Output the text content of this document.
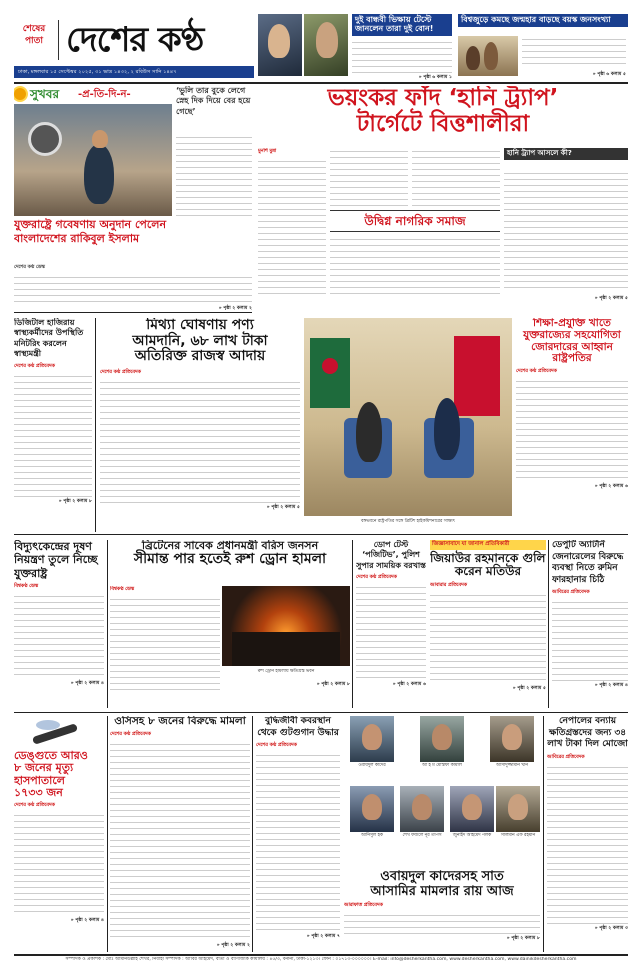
শেষের
পাতা দেশের কণ্ঠ
ঢাকা, মঙ্গলবার ১৫ সেপ্টেম্বর ২০২৫, ৩১ ভাদ্র ১৪৩২, ২ রবিউস সানি ১৪৪৭
দুই বান্ধবী ভিক্ষায় টেস্টে জানলেন তারা দুই বোন!
» পৃষ্ঠা ৬ কলাম ১
বিশ্বজুড়ে কমছে জন্মহার বাড়ছে বয়স্ক জনসংখ্যা
» পৃষ্ঠা ৬ কলাম ৫
সুখবর -প্র-তি-দি-ন-	‘ভুলি তার বুকে লেগে স্নেহ দিক দিয়ে বের হয়ে গেছে’
যুক্তরাষ্ট্রে গবেষণায় অনুদান পেলেন বাংলাদেশের রাকিবুল ইসলাম
দেশের কণ্ঠ ডেস্ক
» পৃষ্ঠা ২ কলাম ২
ভয়ংকর ফাঁদ ‘হানি ট্র্যাপ’
টার্গেটে বিত্তশালীরা
মুনশি মুন্না
উদ্বিগ্ন নাগরিক সমাজ
হানি ট্র্যাপ আসলে কী?
» পৃষ্ঠা ২ কলাম ৫
ডিজিটাল হাজিরায় স্বাস্থ্যকর্মীদের উপস্থিতি মনিটরিং করলেন স্বাস্থ্যমন্ত্রী
দেশের কণ্ঠ প্রতিবেদক
» পৃষ্ঠা ২ কলাম ৮
মিথ্যা ঘোষণায় পণ্য
আমদানি, ৬৮ লাখ টাকা
অতিরিক্ত রাজস্ব আদায়
দেশের কণ্ঠ প্রতিবেদক
» পৃষ্ঠা ২ কলাম ৫
বঙ্গভবনে রাষ্ট্রপতির সঙ্গে ব্রিটিশ হাইকমিশনারের সাক্ষাৎ
শিক্ষা-প্রযুক্তি খাতে
যুক্তরাজ্যের সহযোগিতা
জোরদারের আহ্বান
রাষ্ট্রপতির
দেশের কণ্ঠ প্রতিবেদক
» পৃষ্ঠা ২ কলাম ৬
বিদ্যুৎকেন্দ্রের দূষণ নিয়ন্ত্রণ তুলে নিচ্ছে যুক্তরাষ্ট্র
বিশ্বকণ্ঠ ডেস্ক
» পৃষ্ঠা ২ কলাম ৪
ব্রিটেনের সাবেক প্রধানমন্ত্রী বরিস জনসন
সীমান্ত পার হতেই রুশ ড্রোন হামলা
বিশ্বকণ্ঠ ডেস্ক
রুশ ড্রোন হামলায় ক্ষতিগ্রস্ত ভবন
» পৃষ্ঠা ২ কলাম ৮
ডোপ টেস্ট ‘পজিটিভ’, পুলিশ সুপার সাময়িক বরখাস্ত
দেশের কণ্ঠ প্রতিবেদক
» পৃষ্ঠা ২ কলাম ৬
জিজ্ঞাসাবাদে যা জানাল প্রতিবিকারী
জিয়াউর রহমানকে গুলি
করেন মতিউর
আবারার প্রতিবেদক
» পৃষ্ঠা ২ কলাম ৫
ডেপুটি অ্যাটর্নি জেনারেলের বিরুদ্ধে ব্যবস্থা নিতে রুমিন ফারহানার চিঠি
আবিরের প্রতিবেদক
» পৃষ্ঠা ২ কলাম ৪
ডেঙ্গুতে আরও
৮ জনের মৃত্যু
হাসপাতালে
১৭৩৩ জন
দেশের কণ্ঠ প্রতিবেদক
» পৃষ্ঠা ২ কলাম ৪
ওসিসহ ৮ জনের বিরুদ্ধে মামলা
দেশের কণ্ঠ প্রতিবেদক
» পৃষ্ঠা ২ কলাম ২
বুদ্ধিজীবী কবরস্থান থেকে গুটগুগান উদ্ধার
দেশের কণ্ঠ প্রতিবেদক
» পৃষ্ঠা ২ কলাম ৭
ওবায়দুল কাদের	আ হ ম মোস্তফা কামাল	আসাদুজ্জামান খান
আনিসুল হক	শেখ ফজলে নূর তাপস	জুনাইদ আহমেদ পলক	সালমান এফ রহমান
ওবায়দুল কাদেরসহ সাত
আসামির মামলার রায় আজ
আরাফাত প্রতিবেদক
» পৃষ্ঠা ২ কলাম ৮
নেপালের বন্যায় ক্ষতিগ্রস্তদের জন্য ৩৪ লাখ টাকা দিল মোজো
আবিরের প্রতিবেদক
» পৃষ্ঠা ২ কলাম ৩
সম্পাদক ও প্রকাশক : মোঃ আমানউল্লাহ শেখর, নির্বাহী সম্পাদক : আবির আহমেদ, বার্তা ও বাণিজ্যিক কার্যালয় : ৪৫/৩, বনানী, ঢাকা-১২১৩। ফোন : ০১৭১৩-০০০০০০। E-mail: info@desherkantha.com, www.desherkantha.com, www.dainikdesherkantha.com
